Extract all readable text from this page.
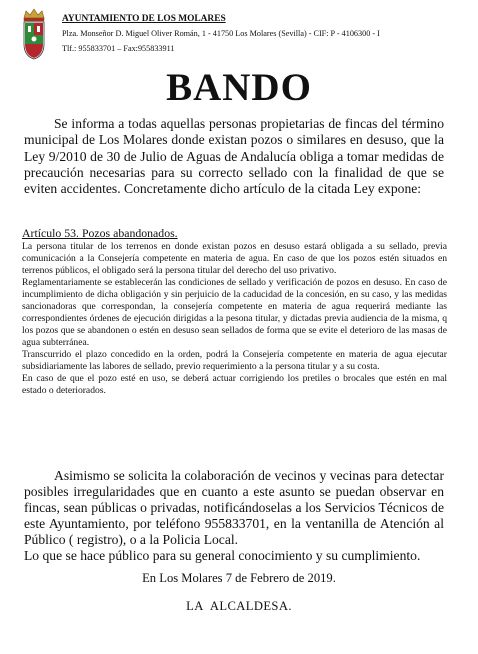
AYUNTAMIENTO DE LOS MOLARES
Plza. Monseñor D. Miguel Oliver Román, 1 - 41750 Los Molares (Sevilla) - CIF: P - 4106300 - I
Tlf.: 955833701 – Fax:955833911
BANDO

Se informa a todas aquellas personas propietarias de fincas del término municipal de Los Molares donde existan pozos o similares en desuso, que la Ley 9/2010 de 30 de Julio de Aguas de Andalucía obliga a tomar medidas de precaución necesarias para su correcto sellado con la finalidad de que se eviten accidentes. Concretamente dicho artículo de la citada Ley expone:

Artículo 53. Pozos abandonados.

La persona titular de los terrenos en donde existan pozos en desuso estará obligada a su sellado, previa comunicación a la Consejería competente en materia de agua. En caso de que los pozos estén situados en terrenos públicos, el obligado será la persona titular del derecho del uso privativo.

Reglamentariamente se establecerán las condiciones de sellado y verificación de pozos en desuso. En caso de incumplimiento de dicha obligación y sin perjuicio de la caducidad de la concesión, en su caso, y las medidas sancionadoras que correspondan, la consejería competente en materia de agua requerirá mediante las correspondientes órdenes de ejecución dirigidas a la pesona titular, y dictadas previa audiencia de la misma, q los pozos que se abandonen o estén en desuso sean sellados de forma que se evite el deterioro de las masas de agua subterránea.

Transcurrido el plazo concedido en la orden, podrá la Consejería competente en materia de agua ejecutar subsidiariamente las labores de sellado, previo requerimiento a la persona titular y a su costa.

En caso de que el pozo esté en uso, se deberá actuar corrigiendo los pretiles o brocales que estén en mal estado o deteriorados.

Asimismo se solicita la colaboración de vecinos y vecinas para detectar posibles irregularidades que en cuanto a este asunto se puedan observar en fincas, sean públicas o privadas, notificándoselas a los Servicios Técnicos de este Ayuntamiento, por teléfono 955833701, en la ventanilla de Atención al Público ( registro), o a la Policia Local.

Lo que se hace público para su general conocimiento y su cumplimiento.

En Los Molares 7 de Febrero de 2019.
LA ALCALDESA.
